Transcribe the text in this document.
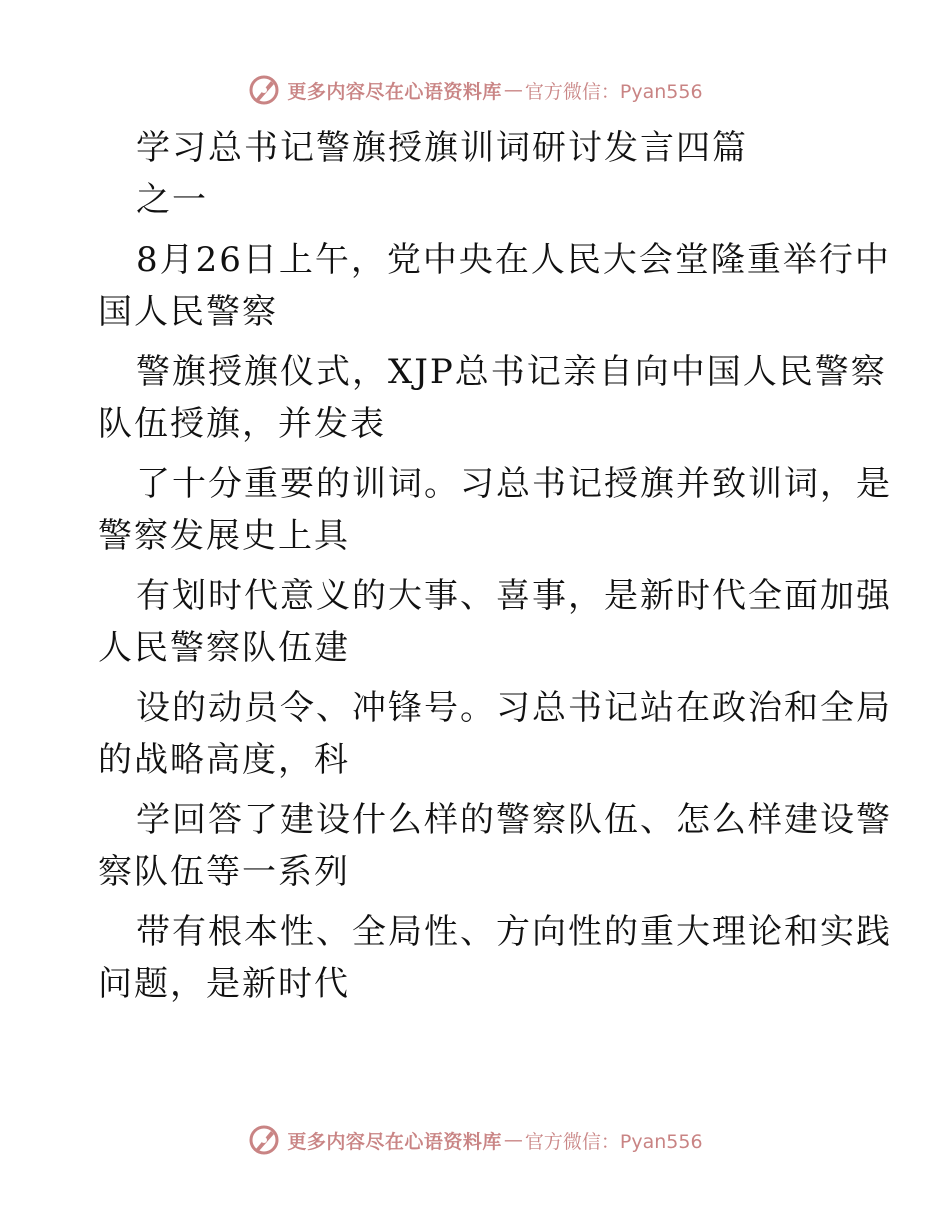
更多内容尽在心语资料库 — 官方微信：Pyan556
学习总书记警旗授旗训词研讨发言四篇
之一
8月26日上午，党中央在人民大会堂隆重举行中
国人民警察
警旗授旗仪式，XJP总书记亲自向中国人民警察
队伍授旗，并发表
了十分重要的训词。习总书记授旗并致训词，是
警察发展史上具
有划时代意义的大事、喜事，是新时代全面加强
人民警察队伍建
设的动员令、冲锋号。习总书记站在政治和全局
的战略高度，科
学回答了建设什么样的警察队伍、怎么样建设警
察队伍等一系列
带有根本性、全局性、方向性的重大理论和实践
问题，是新时代
更多内容尽在心语资料库 — 官方微信：Pyan556
